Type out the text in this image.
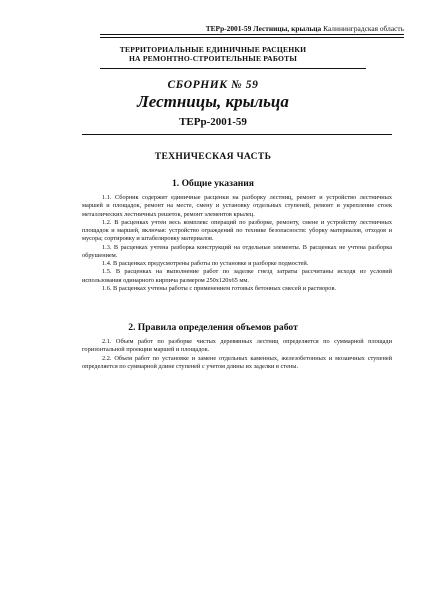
ТЕРр-2001-59 Лестницы, крыльца Калининградская область
ТЕРРИТОРИАЛЬНЫЕ ЕДИНИЧНЫЕ РАСЦЕНКИ
НА РЕМОНТНО-СТРОИТЕЛЬНЫЕ РАБОТЫ
СБОРНИК № 59
Лестницы, крыльца
ТЕРр-2001-59
ТЕХНИЧЕСКАЯ ЧАСТЬ
1. Общие указания

1.1. Сборник содержит единичные расценки на разборку лестниц, ремонт и устройство лестничных маршей и площадок, ремонт на месте, смену и установку отдельных ступеней, ремонт и укрепление стоек металлических лестничных решеток, ремонт элементов крылец.

1.2. В расценках учтен весь комплекс операций по разборке, ремонту, смене и устройству лестничных площадок и маршей, включая: устройство ограждений по технике безопасности: уборку материалов, отходов и мусора; сортировку и штабелировку материалов.

1.3. В расценках учтена разборка конструкций на отдельные элементы. В расценках не учтена разборка обрушением.

1.4. В расценках предусмотрены работы по установке и разборке подмостей.

1.5. В расценках на выполнение работ по заделке гнезд затраты рассчитаны исходя из условий использования одинарного кирпича размером 250х120х65 мм.

1.6. В расценках учтены работы с применением готовых бетонных смесей и растворов.

2. Правила определения объемов работ

2.1. Объем работ по разборке чистых деревянных лестниц определяется по суммарной площади горизонтальной проекции маршей и площадок.

2.2. Объем работ по установке и замене отдельных каменных, железобетонных и мозаичных ступеней определяется по суммарной длине ступеней с учетом длины их заделки в стены.
